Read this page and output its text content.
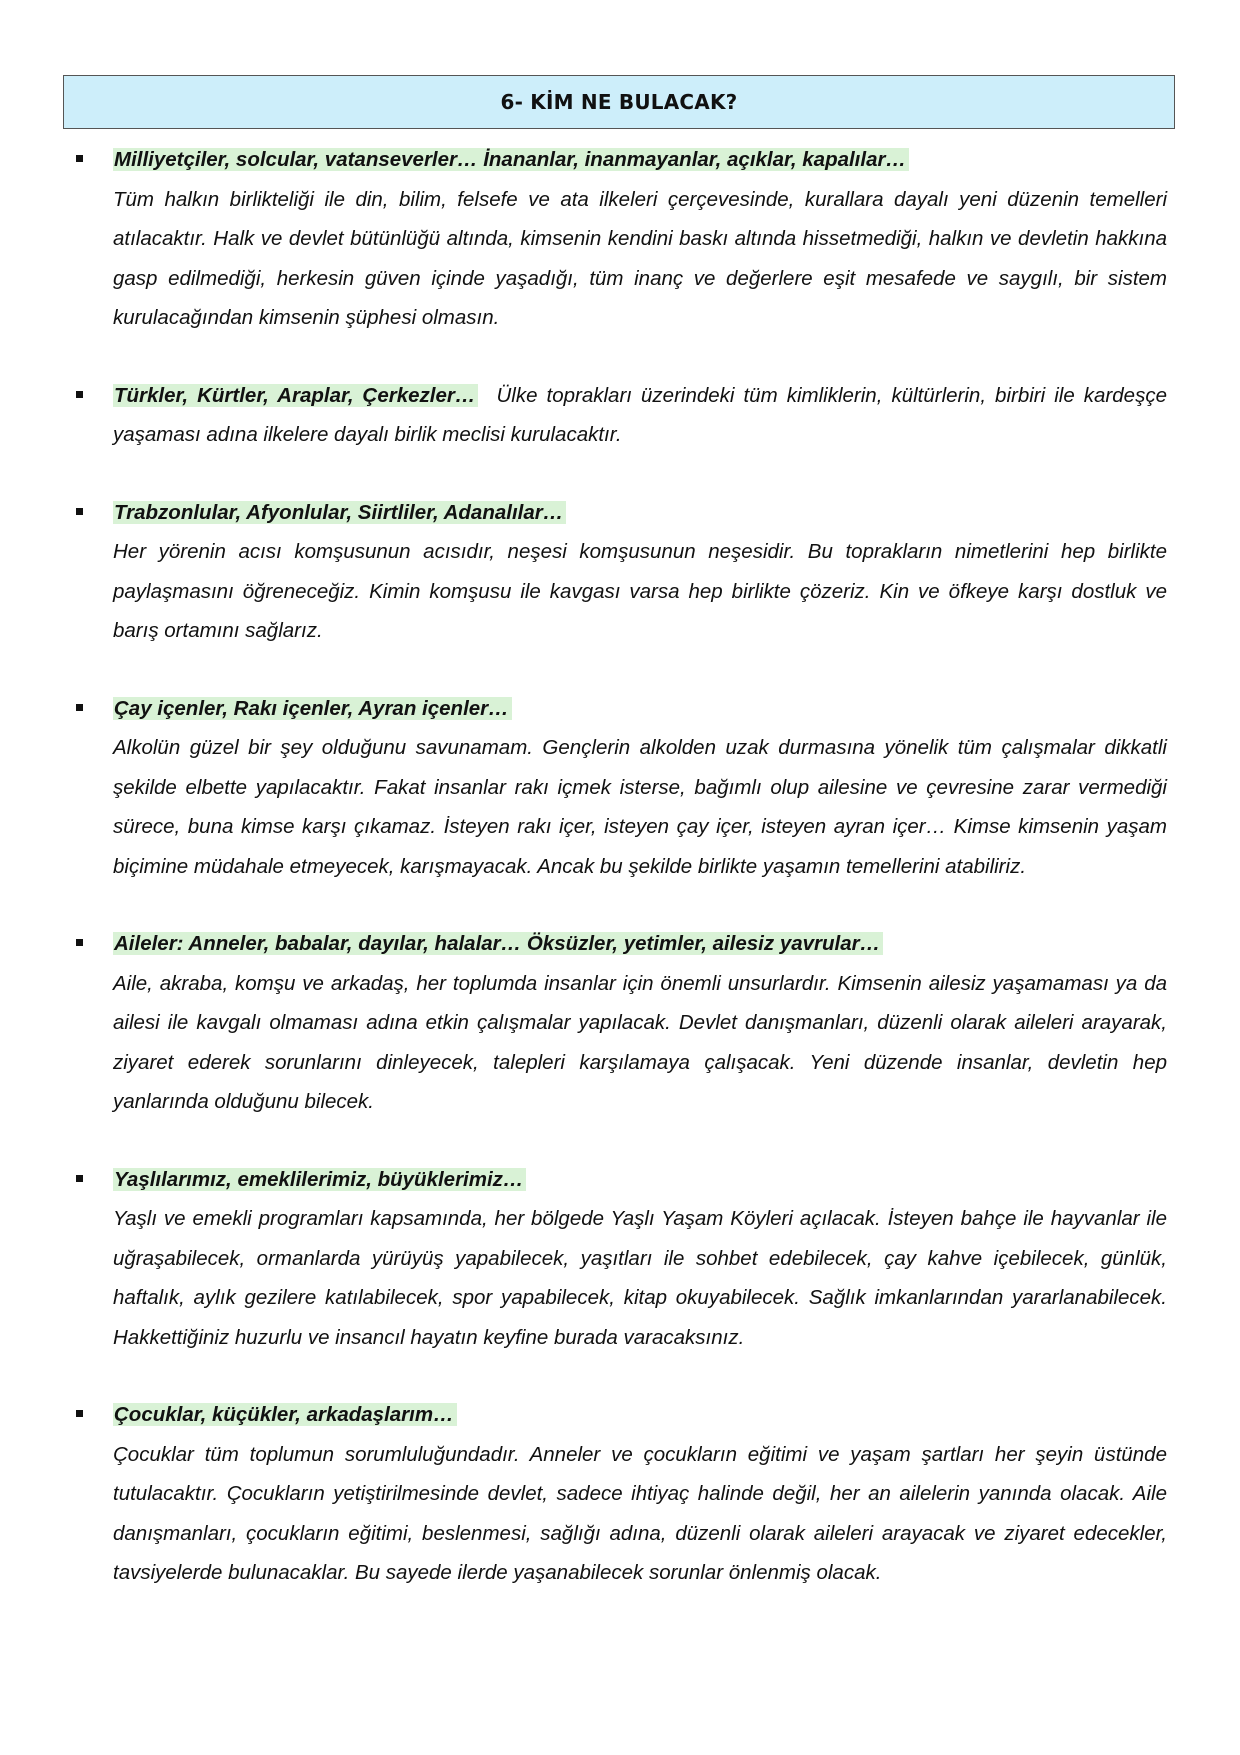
6- KİM NE BULACAK?
Milliyetçiler, solcular, vatanseverler… İnananlar, inanmayanlar, açıklar, kapalılar…
Tüm halkın birlikteliği ile din, bilim, felsefe ve ata ilkeleri çerçevesinde, kurallara dayalı yeni düzenin temelleri atılacaktır. Halk ve devlet bütünlüğü altında, kimsenin kendini baskı altında hissetmediği, halkın ve devletin hakkına gasp edilmediği, herkesin güven içinde yaşadığı, tüm inanç ve değerlere eşit mesafede ve saygılı, bir sistem kurulacağından kimsenin şüphesi olmasın.
Türkler, Kürtler, Araplar, Çerkezler… Ülke toprakları üzerindeki tüm kimliklerin, kültürlerin, birbiri ile kardeşçe yaşaması adına ilkelere dayalı birlik meclisi kurulacaktır.
Trabzonlular, Afyonlular, Siirtliler, Adanalılar…
Her yörenin acısı komşusunun acısıdır, neşesi komşusunun neşesidir. Bu toprakların nimetlerini hep birlikte paylaşmasını öğreneceğiz. Kimin komşusu ile kavgası varsa hep birlikte çözeriz. Kin ve öfkeye karşı dostluk ve barış ortamını sağlarız.
Çay içenler, Rakı içenler, Ayran içenler…
Alkolün güzel bir şey olduğunu savunamam. Gençlerin alkolden uzak durmasına yönelik tüm çalışmalar dikkatli şekilde elbette yapılacaktır. Fakat insanlar rakı içmek isterse, bağımlı olup ailesine ve çevresine zarar vermediği sürece, buna kimse karşı çıkamaz. İsteyen rakı içer, isteyen çay içer, isteyen ayran içer… Kimse kimsenin yaşam biçimine müdahale etmeyecek, karışmayacak. Ancak bu şekilde birlikte yaşamın temellerini atabiliriz.
Aileler: Anneler, babalar, dayılar, halalar… Öksüzler, yetimler, ailesiz yavrular…
Aile, akraba, komşu ve arkadaş, her toplumda insanlar için önemli unsurlardır. Kimsenin ailesiz yaşamaması ya da ailesi ile kavgalı olmaması adına etkin çalışmalar yapılacak. Devlet danışmanları, düzenli olarak aileleri arayarak, ziyaret ederek sorunlarını dinleyecek, talepleri karşılamaya çalışacak. Yeni düzende insanlar, devletin hep yanlarında olduğunu bilecek.
Yaşlılarımız, emeklilerimiz, büyüklerimiz…
Yaşlı ve emekli programları kapsamında, her bölgede Yaşlı Yaşam Köyleri açılacak. İsteyen bahçe ile hayvanlar ile uğraşabilecek, ormanlarda yürüyüş yapabilecek, yaşıtları ile sohbet edebilecek, çay kahve içebilecek, günlük, haftalık, aylık gezilere katılabilecek, spor yapabilecek, kitap okuyabilecek. Sağlık imkanlarından yararlanabilecek. Hakkettiğiniz huzurlu ve insancıl hayatın keyfine burada varacaksınız.
Çocuklar, küçükler, arkadaşlarım…
Çocuklar tüm toplumun sorumluluğundadır. Anneler ve çocukların eğitimi ve yaşam şartları her şeyin üstünde tutulacaktır. Çocukların yetiştirilmesinde devlet, sadece ihtiyaç halinde değil, her an ailelerin yanında olacak. Aile danışmanları, çocukların eğitimi, beslenmesi, sağlığı adına, düzenli olarak aileleri arayacak ve ziyaret edecekler, tavsiyelerde bulunacaklar. Bu sayede ilerde yaşanabilecek sorunlar önlenmiş olacak.
